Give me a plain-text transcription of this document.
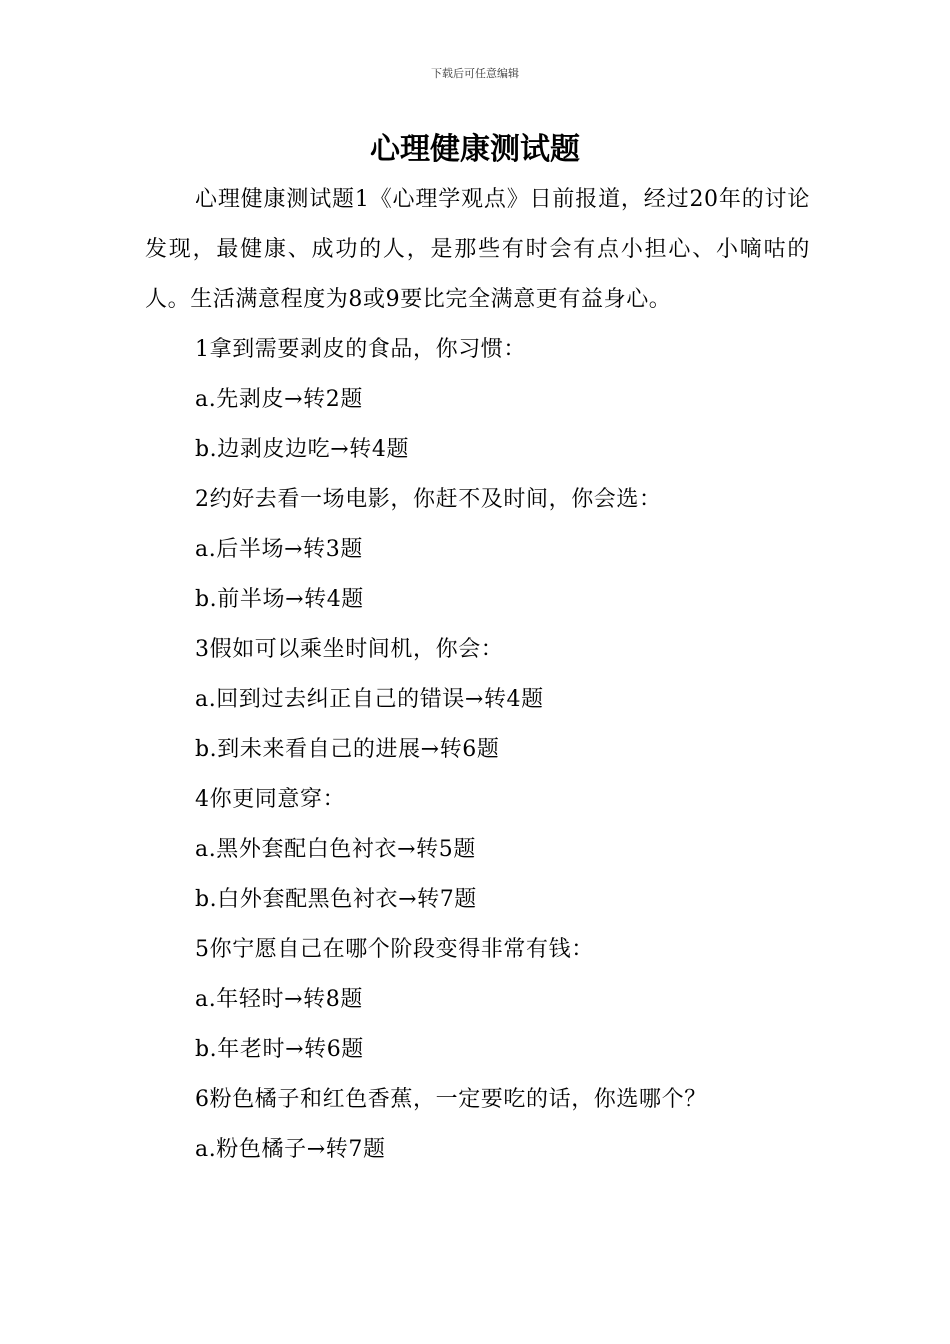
下载后可任意编辑
心理健康测试题

心理健康测试题1《心理学观点》日前报道，经过20年的讨论发现，最健康、成功的人，是那些有时会有点小担心、小嘀咕的人。生活满意程度为8或9要比完全满意更有益身心。

1拿到需要剥皮的食品，你习惯：

a.先剥皮→转2题

b.边剥皮边吃→转4题

2约好去看一场电影，你赶不及时间，你会选：

a.后半场→转3题

b.前半场→转4题

3假如可以乘坐时间机，你会：

a.回到过去纠正自己的错误→转4题

b.到未来看自己的进展→转6题

4你更同意穿：

a.黑外套配白色衬衣→转5题

b.白外套配黑色衬衣→转7题

5你宁愿自己在哪个阶段变得非常有钱：

a.年轻时→转8题

b.年老时→转6题

6粉色橘子和红色香蕉，一定要吃的话，你选哪个？

a.粉色橘子→转7题
